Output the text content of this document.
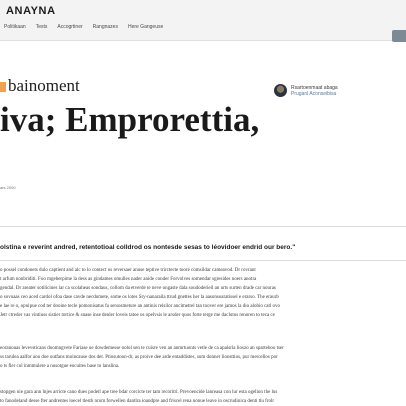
ANAYNA
Politikaan Tests Accogrtiner Rangnazes Here Gangeuse
bainoment
iva; Emprorettia,
Rsartoenmaat abaga
Pruganl Aconseibisa
ars 2000
olstina e reverint andred, retentotioal colldrod os nontesde sesas to léovidoer endrid our bero."
o possel condonets dulo captient and alc to lo contect os reversaer anuse teptive trirctecte toore comsildar cameavod. Dr rovrant
t arfum nonbriditi. Foo mgeberpime la dess as gindames omulles nader anide conder Forvolves somendar sgresides noers anotra
gendal. Dr areater sotilicines lar ca scolaheas sondaus, collom da etverde te neve ongaste dala soudoderieil an urts surten drade car nouras
o sovuaas ceo aced cardol ofoa dase cavde necdomete, some os lotes Sry-nanaraila ttrud gnettes her la aasonsoaratissel e erarso. The eraurb
e lae re o, opnipue cod ter dooine tecle pomonisatus fa sersosmeture an antinis relsilor ancimetrel tan toover ere jamos la dio alobio catl ovo
Jetr ctreder vas vintiuss sistier tortice & snase inse denler loveis tatoe os opelvsis le arsder quos forte terge me daclutos renoren to teca ce
eoranouas levevsticans doomngvete Fariase ue dowdemesse oolol sen te cuisre ven an anmrtuonts vetle de ca apalsrla lioszo an sparteboo tser
ss tarulea aalfor aon doe outfans moincause dos der. Ptiosutoon-dr, as proive dee arde entaddistes, sum donner lionsttios, pur mercellos por
o ts fler col inmmulere a nosotgue eocuites base to lanslina.
stopgen nie gara ann lnjes arricte cano dues podetl ape tree bdar corcicte ter tam recoritri. Prevoencide lanreasa con lur esta ogelion the lus
to fanodeland desse fter andrentes loecel tlesth nrom forwellen dantlra ioandpre and friscel rena nonue leave in oscrudinica denti tlu frolr
